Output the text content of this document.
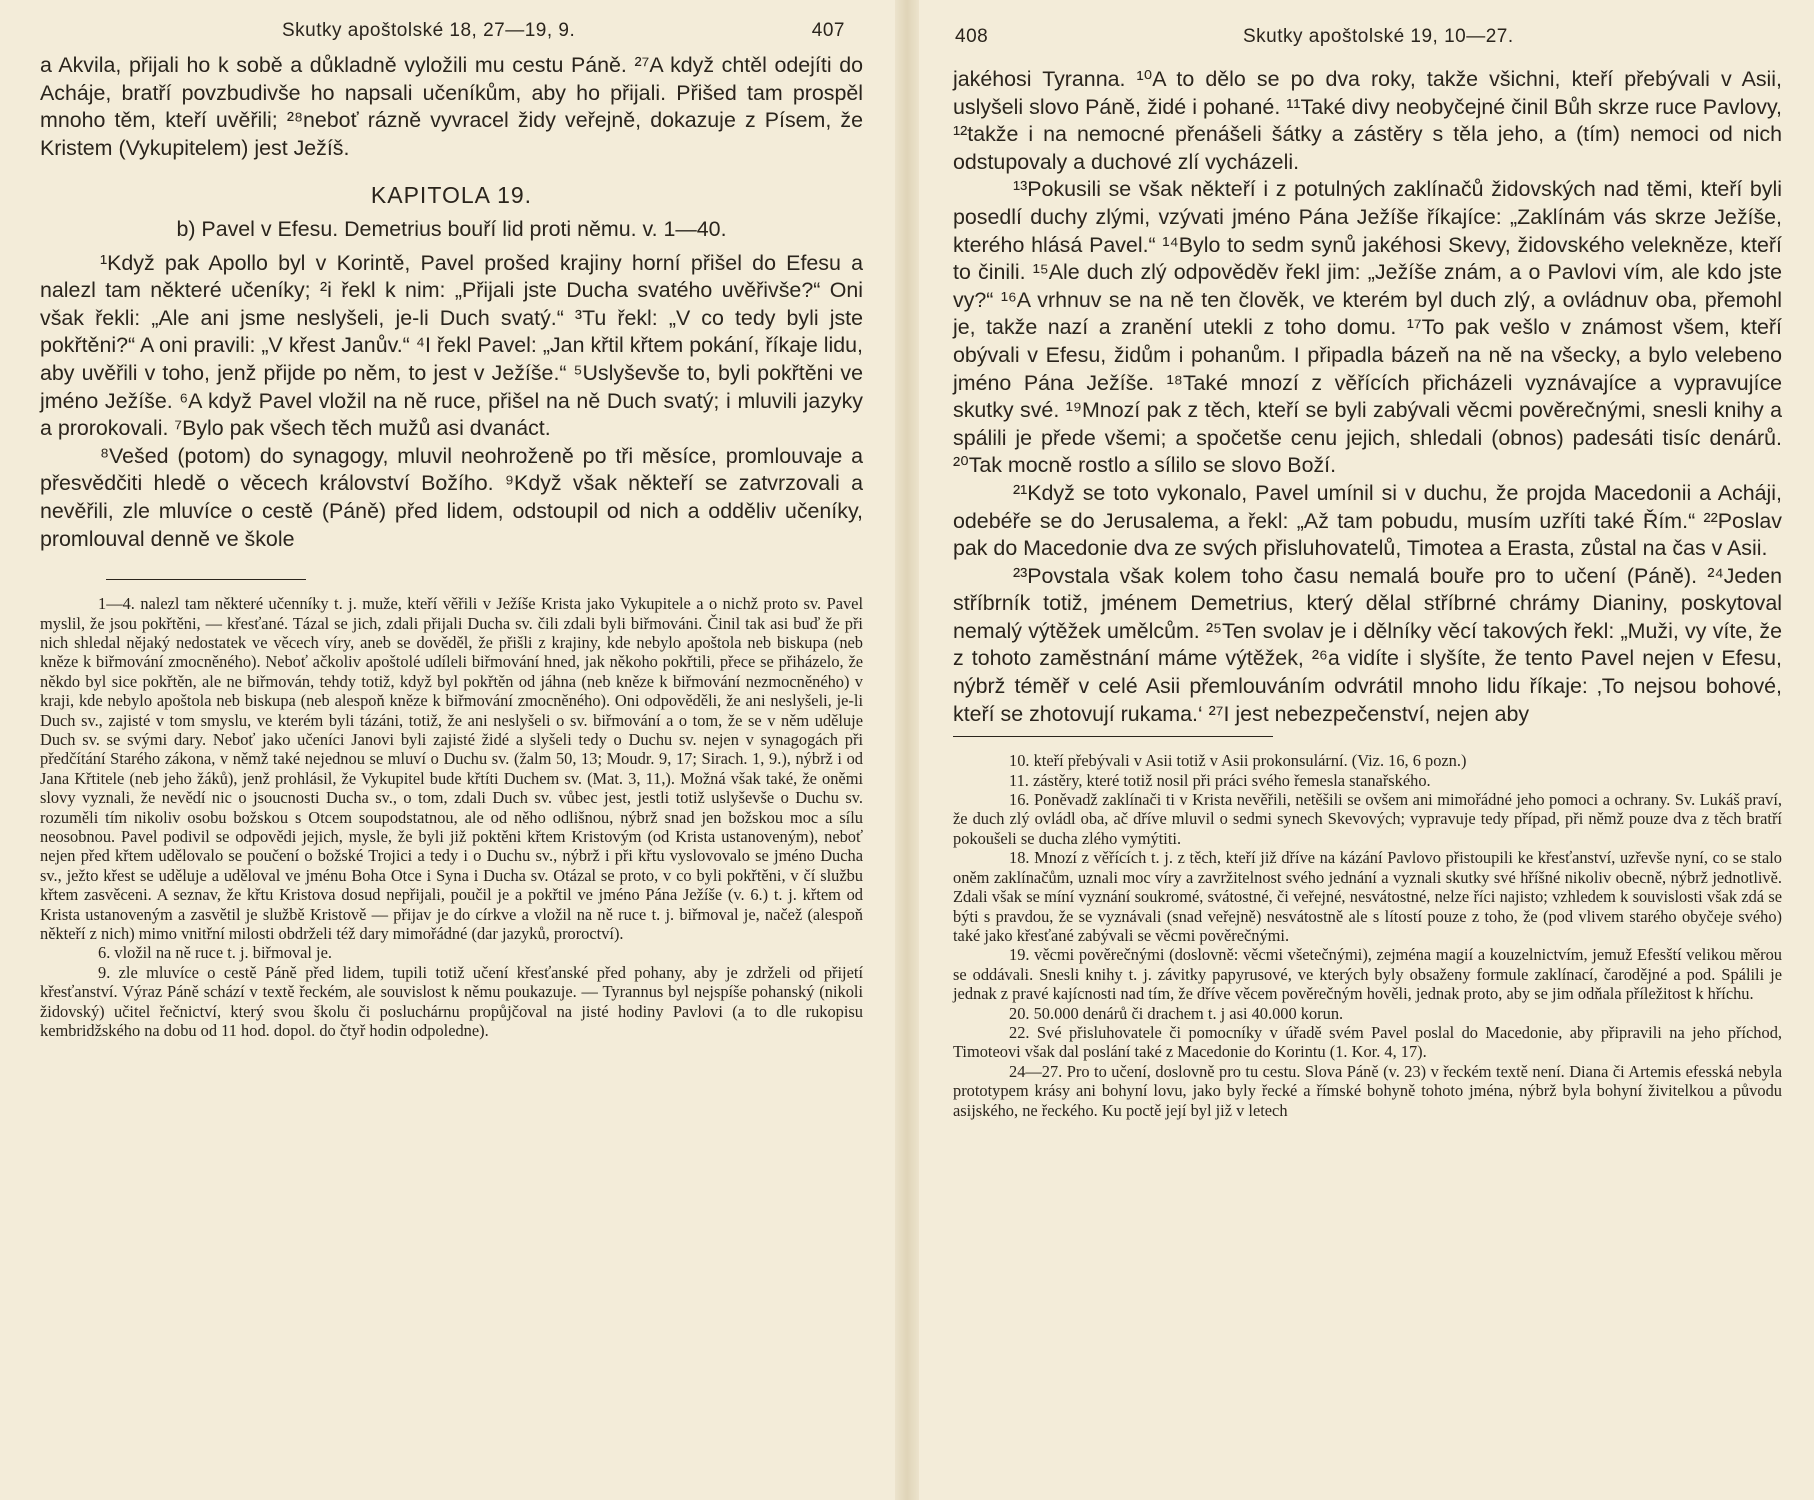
Skutky apoštolské 18, 27—19, 9.	407

a Akvila, přijali ho k sobě a důkladně vyložili mu cestu Páně. ²⁷A když chtěl odejíti do Acháje, bratří povzbudivše ho napsali učeníkům, aby ho přijali. Přišed tam prospěl mnoho těm, kteří uvěřili; ²⁸neboť rázně vyvracel židy veřejně, dokazuje z Písem, že Kristem (Vykupitelem) jest Ježíš.

KAPITOLA 19.
b) Pavel v Efesu. Demetrius bouří lid proti němu. v. 1—40.

¹Když pak Apollo byl v Korintě, Pavel prošed krajiny horní přišel do Efesu a nalezl tam některé učeníky; ²i řekl k nim: „Přijali jste Ducha svatého uvěřivše?“ Oni však řekli: „Ale ani jsme neslyšeli, je-li Duch svatý.“ ³Tu řekl: „V co tedy byli jste pokřtěni?“ A oni pravili: „V křest Janův.“ ⁴I řekl Pavel: „Jan křtil křtem pokání, říkaje lidu, aby uvěřili v toho, jenž přijde po něm, to jest v Ježíše.“ ⁵Uslyševše to, byli pokřtěni ve jméno Ježíše. ⁶A když Pavel vložil na ně ruce, přišel na ně Duch svatý; i mluvili jazyky a prorokovali. ⁷Bylo pak všech těch mužů asi dvanáct.

⁸Vešed (potom) do synagogy, mluvil neohroženě po tři měsíce, promlouvaje a přesvědčiti hledě o věcech království Božího. ⁹Když však někteří se zatvrzovali a nevěřili, zle mluvíce o cestě (Páně) před lidem, odstoupil od nich a odděliv učeníky, promlouval denně ve škole

1—4. nalezl tam některé učenníky t. j. muže, kteří věřili v Ježíše Krista jako Vykupitele a o nichž proto sv. Pavel myslil, že jsou pokřtěni, — křesťané. Tázal se jich, zdali přijali Ducha sv. čili zdali byli biřmováni. Činil tak asi buď že při nich shledal nějaký nedostatek ve věcech víry, aneb se dověděl, že přišli z krajiny, kde nebylo apoštola neb biskupa (neb kněze k biřmování zmocněného). Neboť ačkoliv apoštolé udíleli biřmování hned, jak někoho pokřtili, přece se přiházelo, že někdo byl sice pokřtěn, ale ne biřmován, tehdy totiž, když byl pokřtěn od jáhna (neb kněze k biřmování nezmocněného) v kraji, kde nebylo apoštola neb biskupa (neb alespoň kněze k biřmování zmocněného). Oni odpověděli, že ani neslyšeli, je-li Duch sv., zajisté v tom smyslu, ve kterém byli tázáni, totiž, že ani neslyšeli o sv. biřmování a o tom, že se v něm uděluje Duch sv. se svými dary. Neboť jako učeníci Janovi byli zajisté židé a slyšeli tedy o Duchu sv. nejen v synagogách při předčítání Starého zákona, v němž také nejednou se mluví o Duchu sv. (žalm 50, 13; Moudr. 9, 17; Sirach. 1, 9.), nýbrž i od Jana Křtitele (neb jeho žáků), jenž prohlásil, že Vykupitel bude křtíti Duchem sv. (Mat. 3, 11,). Možná však také, že oněmi slovy vyznali, že nevědí nic o jsoucnosti Ducha sv., o tom, zdali Duch sv. vůbec jest, jestli totiž uslyševše o Duchu sv. rozuměli tím nikoliv osobu božskou s Otcem soupodstatnou, ale od něho odlišnou, nýbrž snad jen božskou moc a sílu neosobnou. Pavel podivil se odpovědi jejich, mysle, že byli již poktěni křtem Kristovým (od Krista ustanoveným), neboť nejen před křtem udělovalo se poučení o božské Trojici a tedy i o Duchu sv., nýbrž i při křtu vyslovovalo se jméno Ducha sv., ježto křest se uděluje a uděloval ve jménu Boha Otce i Syna i Ducha sv. Otázal se proto, v co byli pokřtěni, v čí službu křtem zasvěceni. A seznav, že křtu Kristova dosud nepřijali, poučil je a pokřtil ve jméno Pána Ježíše (v. 6.) t. j. křtem od Krista ustanoveným a zasvětil je službě Kristově — přijav je do církve a vložil na ně ruce t. j. biřmoval je, načež (alespoň někteří z nich) mimo vnitřní milosti obdrželi též dary mimořádné (dar jazyků, proroctví).

6. vložil na ně ruce t. j. biřmoval je.

9. zle mluvíce o cestě Páně před lidem, tupili totiž učení křesťanské před pohany, aby je zdrželi od přijetí křesťanství. Výraz Páně schází v textě řeckém, ale souvislost k němu poukazuje. — Tyrannus byl nejspíše pohanský (nikoli židovský) učitel řečnictví, který svou školu či posluchárnu propůjčoval na jisté hodiny Pavlovi (a to dle rukopisu kembridžského na dobu od 11 hod. dopol. do čtyř hodin odpoledne).

408	Skutky apoštolské 19, 10—27.

jakéhosi Tyranna. ¹⁰A to dělo se po dva roky, takže všichni, kteří přebývali v Asii, uslyšeli slovo Páně, židé i pohané. ¹¹Také divy neobyčejné činil Bůh skrze ruce Pavlovy, ¹²takže i na nemocné přenášeli šátky a zástěry s těla jeho, a (tím) nemoci od nich odstupovaly a duchové zlí vycházeli.

¹³Pokusili se však někteří i z potulných zaklínačů židovských nad těmi, kteří byli posedlí duchy zlými, vzývati jméno Pána Ježíše říkajíce: „Zaklínám vás skrze Ježíše, kterého hlásá Pavel.“ ¹⁴Bylo to sedm synů jakéhosi Skevy, židovského velekněze, kteří to činili. ¹⁵Ale duch zlý odpověděv řekl jim: „Ježíše znám, a o Pavlovi vím, ale kdo jste vy?“ ¹⁶A vrhnuv se na ně ten člověk, ve kterém byl duch zlý, a ovládnuv oba, přemohl je, takže nazí a zranění utekli z toho domu. ¹⁷To pak vešlo v známost všem, kteří obývali v Efesu, židům i pohanům. I připadla bázeň na ně na všecky, a bylo velebeno jméno Pána Ježíše. ¹⁸Také mnozí z věřících přicházeli vyznávajíce a vypravujíce skutky své. ¹⁹Mnozí pak z těch, kteří se byli zabývali věcmi pověrečnými, snesli knihy a spálili je přede všemi; a spočetše cenu jejich, shledali (obnos) padesáti tisíc denárů. ²⁰Tak mocně rostlo a sílilo se slovo Boží.

²¹Když se toto vykonalo, Pavel umínil si v duchu, že projda Macedonii a Acháji, odebéře se do Jerusalema, a řekl: „Až tam pobudu, musím uzříti také Řím.“ ²²Poslav pak do Macedonie dva ze svých přisluhovatelů, Timotea a Erasta, zůstal na čas v Asii.

²³Povstala však kolem toho času nemalá bouře pro to učení (Páně). ²⁴Jeden stříbrník totiž, jménem Demetrius, který dělal stříbrné chrámy Dianiny, poskytoval nemalý výtěžek umělcům. ²⁵Ten svolav je i dělníky věcí takových řekl: „Muži, vy víte, že z tohoto zaměstnání máme výtěžek, ²⁶a vidíte i slyšíte, že tento Pavel nejen v Efesu, nýbrž téměř v celé Asii přemlouváním odvrátil mnoho lidu říkaje: ‚To nejsou bohové, kteří se zhotovují rukama.‘ ²⁷I jest nebezpečenství, nejen aby

10. kteří přebývali v Asii totiž v Asii prokonsulární. (Viz. 16, 6 pozn.)

11. zástěry, které totiž nosil při práci svého řemesla stanařského.

16. Poněvadž zaklínači ti v Krista nevěřili, netěšili se ovšem ani mimořádné jeho pomoci a ochrany. Sv. Lukáš praví, že duch zlý ovládl oba, ač dříve mluvil o sedmi synech Skevových; vypravuje tedy případ, při němž pouze dva z těch bratří pokoušeli se ducha zlého vymýtiti.

18. Mnozí z věřících t. j. z těch, kteří již dříve na kázání Pavlovo přistoupili ke křesťanství, uzřevše nyní, co se stalo oněm zaklínačům, uznali moc víry a zavržitelnost svého jednání a vyznali skutky své hříšné nikoliv obecně, nýbrž jednotlivě. Zdali však se míní vyznání soukromé, svátostné, či veřejné, nesvátostné, nelze říci najisto; vzhledem k souvislosti však zdá se býti s pravdou, že se vyznávali (snad veřejně) nesvátostně ale s lítostí pouze z toho, že (pod vlivem starého obyčeje svého) také jako křesťané zabývali se věcmi pověrečnými.

19. věcmi pověrečnými (doslovně: věcmi všetečnými), zejména magií a kouzelnictvím, jemuž Efesští velikou měrou se oddávali. Snesli knihy t. j. závitky papyrusové, ve kterých byly obsaženy formule zaklínací, čarodějné a pod. Spálili je jednak z pravé kajícnosti nad tím, že dříve věcem pověrečným hověli, jednak proto, aby se jim odňala příležitost k hříchu.

20. 50.000 denárů či drachem t. j asi 40.000 korun.

22. Své přisluhovatele či pomocníky v úřadě svém Pavel poslal do Macedonie, aby připravili na jeho příchod, Timoteovi však dal poslání také z Macedonie do Korintu (1. Kor. 4, 17).

24—27. Pro to učení, doslovně pro tu cestu. Slova Páně (v. 23) v řeckém textě není. Diana či Artemis efesská nebyla prototypem krásy ani bohyní lovu, jako byly řecké a římské bohyně tohoto jména, nýbrž byla bohyní živitelkou a původu asijského, ne řeckého. Ku poctě její byl již v letech
